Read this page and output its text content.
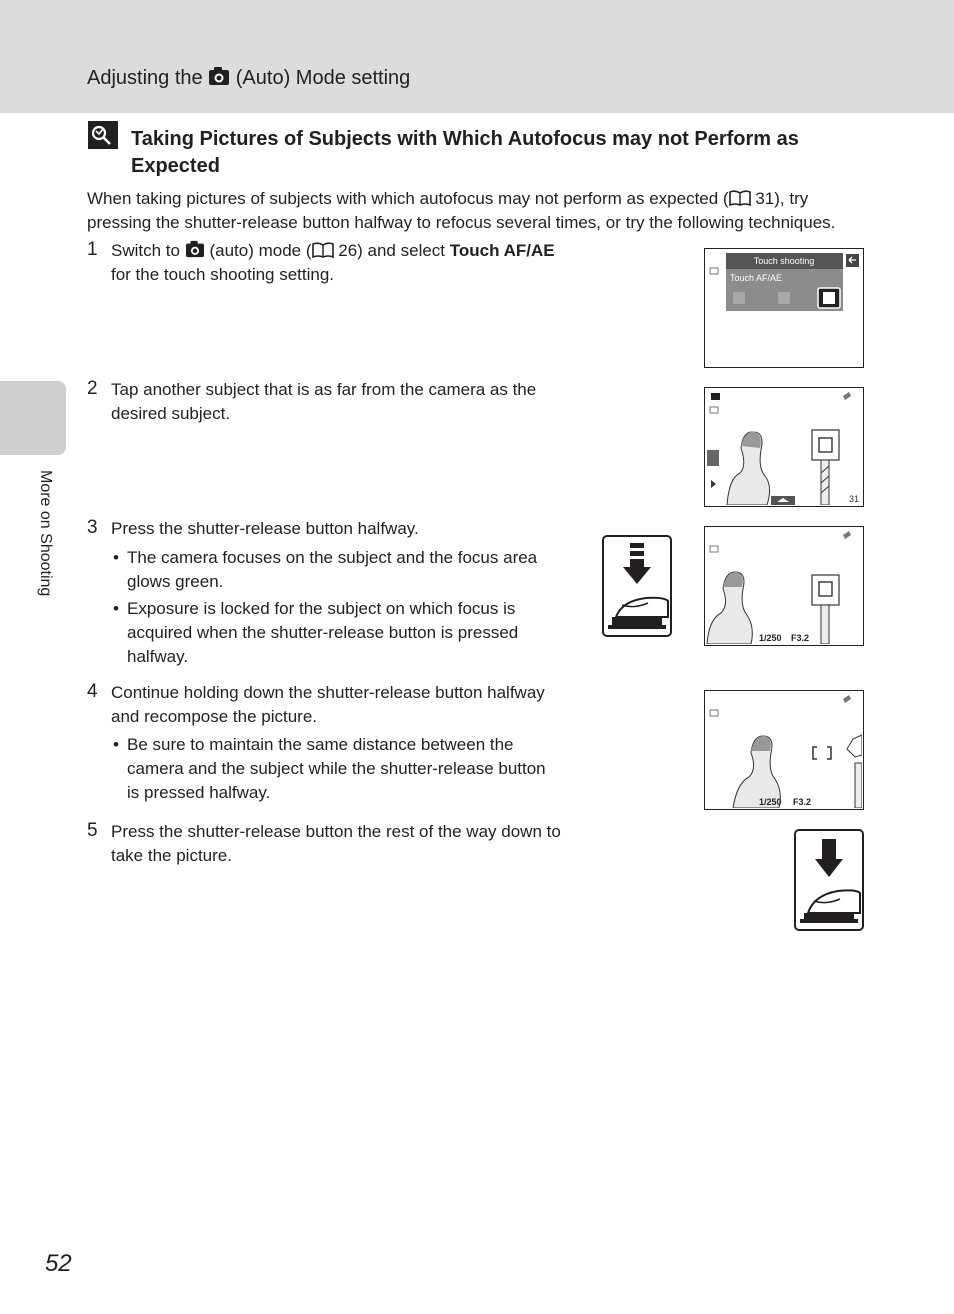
Adjusting the (Auto) Mode setting
More on Shooting
Taking Pictures of Subjects with Which Autofocus may not Perform as Expected
When taking pictures of subjects with which autofocus may not perform as expected ( 31), try
pressing the shutter-release button halfway to refocus several times, or try the following techniques.
1 Switch to (auto) mode ( 26) and select Touch AF/AE
for the touch shooting setting.
Touch shooting
Touch AF/AE
2 Tap another subject that is as far from the camera as the
desired subject.
31
3 Press the shutter-release button halfway.
• The camera focuses on the subject and the focus area
glows green.
• Exposure is locked for the subject on which focus is
acquired when the shutter-release button is pressed
halfway.
1/250 F3.2
4 Continue holding down the shutter-release button halfway
and recompose the picture.
• Be sure to maintain the same distance between the
camera and the subject while the shutter-release button
is pressed halfway.	1/250 F3.2
5 Press the shutter-release button the rest of the way down to
take the picture.
52
